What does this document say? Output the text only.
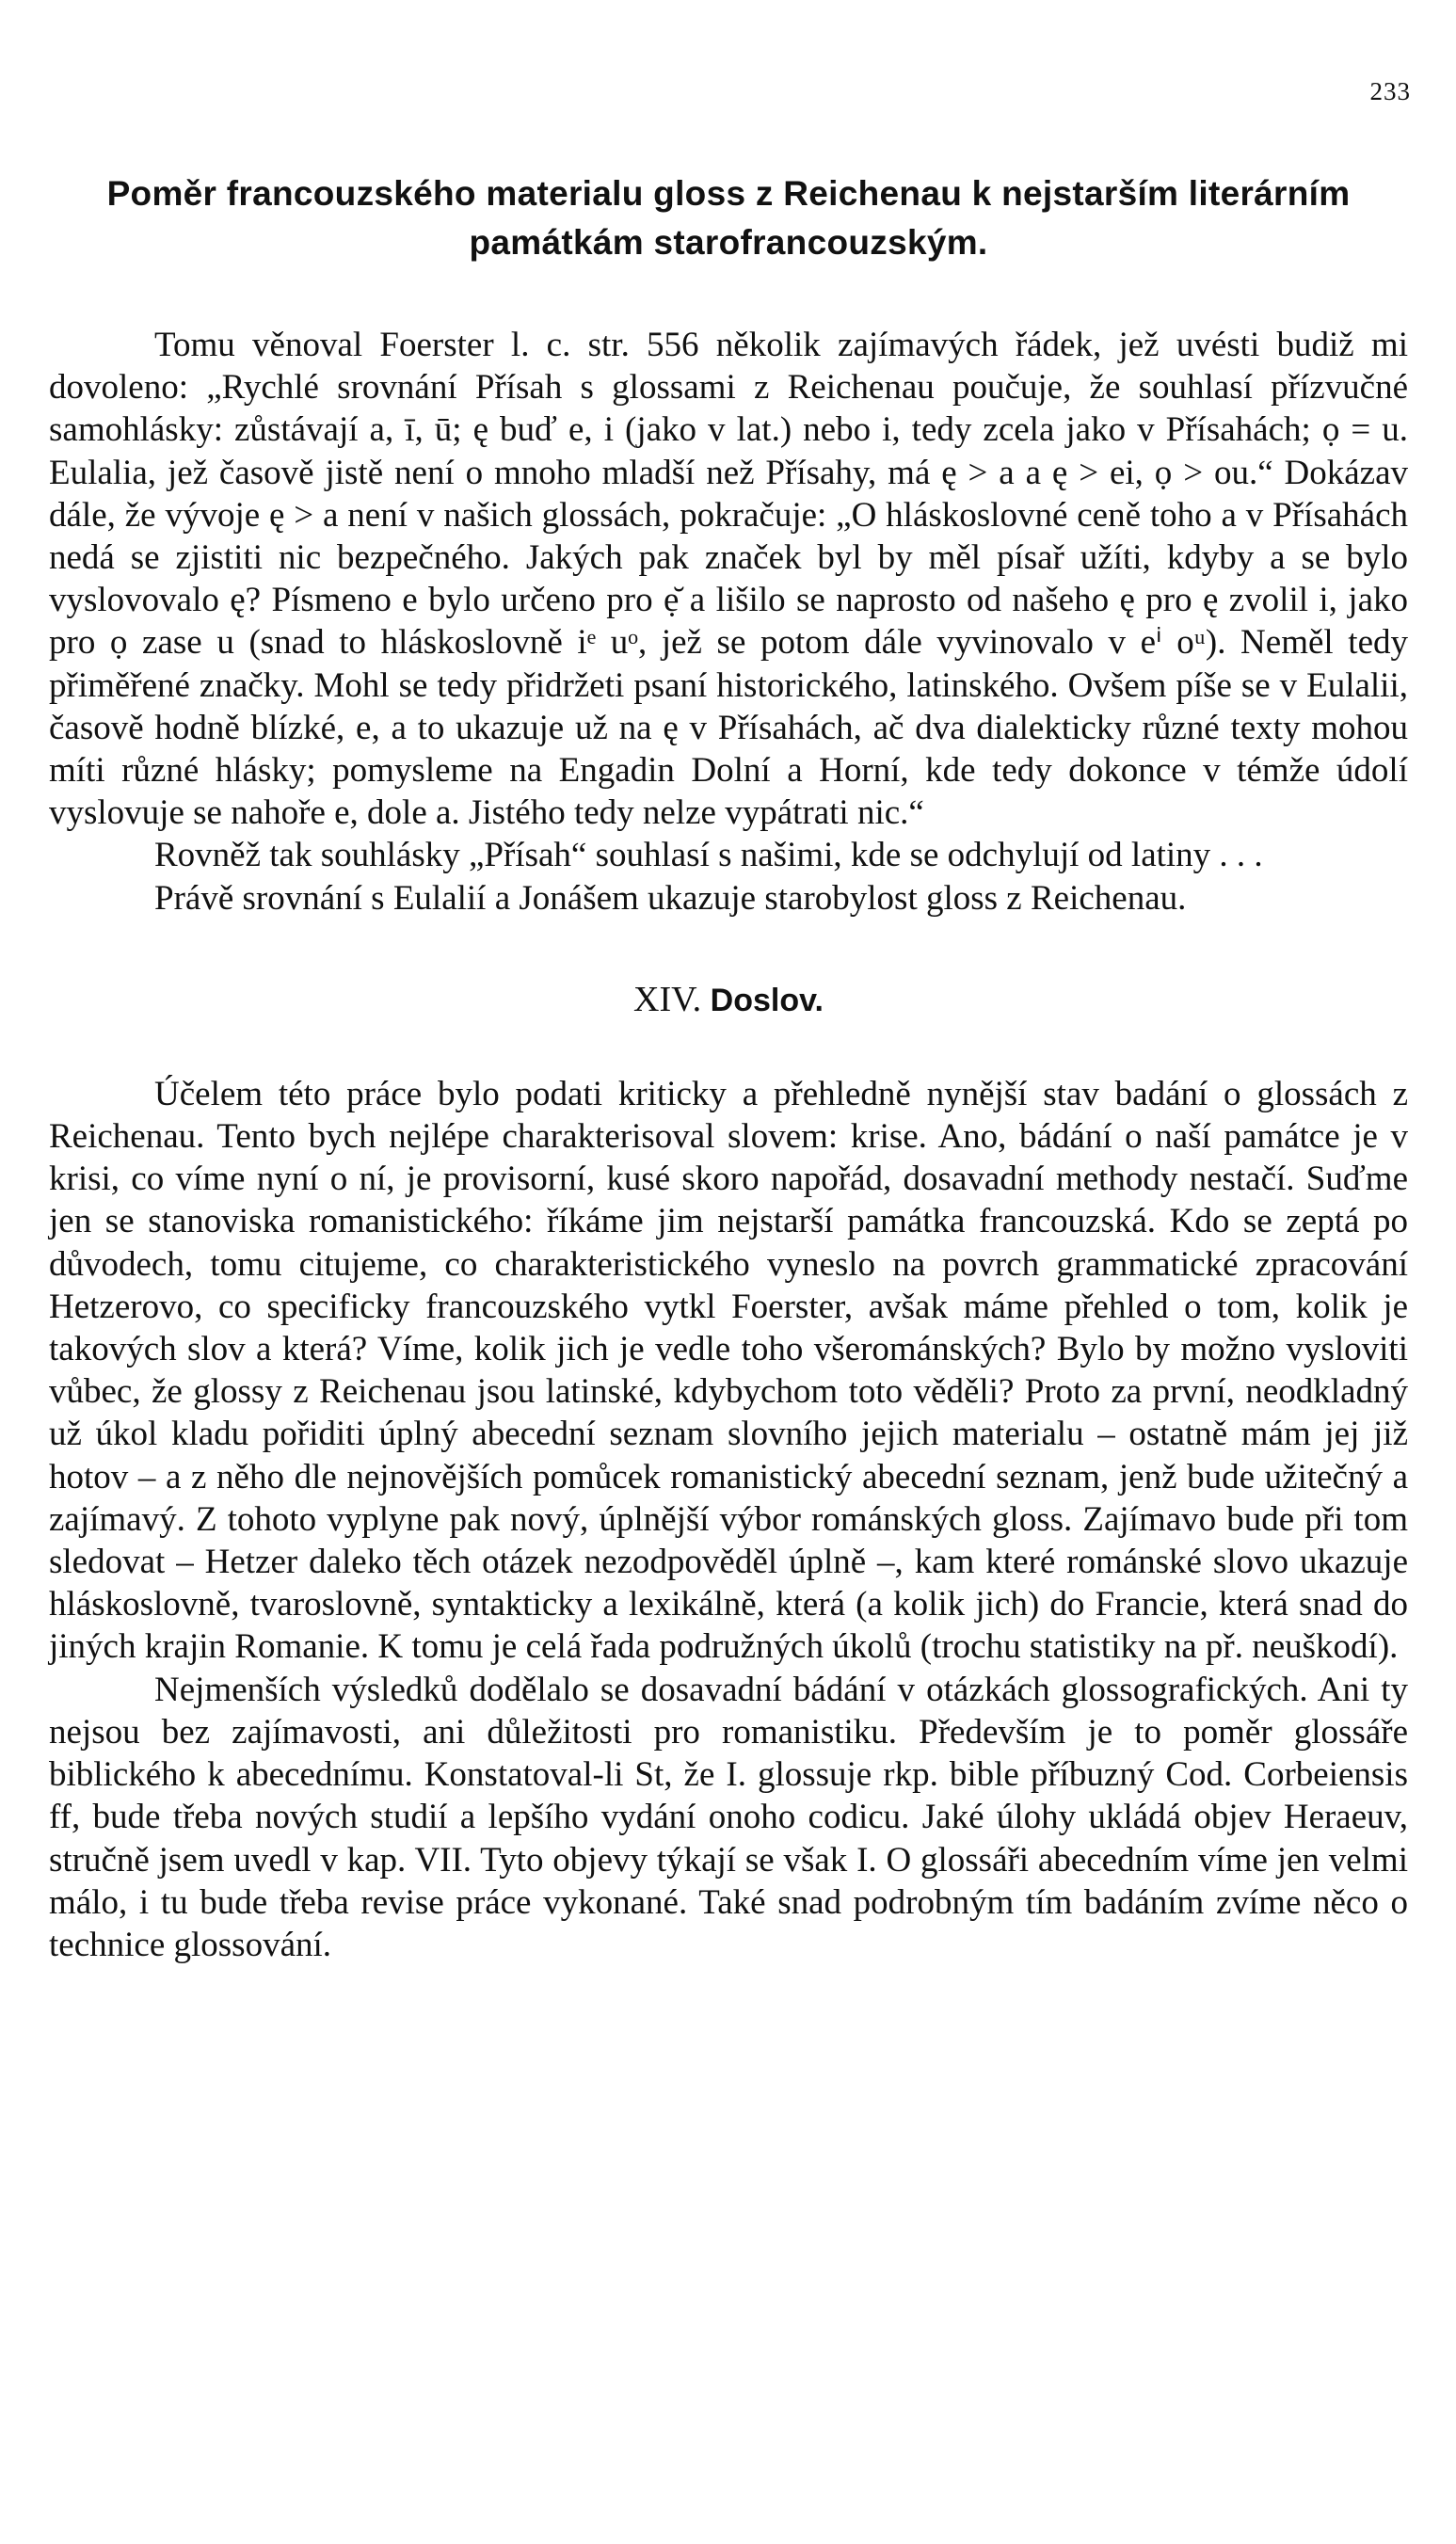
233
Poměr francouzského materialu gloss z Reichenau k nejstarším literárním památkám starofrancouzským.

Tomu věnoval Foerster l. c. str. 556 několik zajímavých řádek, jež uvésti budiž mi dovoleno: „Rychlé srovnání Přísah s glossami z Reichenau poučuje, že souhlasí přízvučné samohlásky: zůstávají a, ī, ū; ę buď e, i (jako v lat.) nebo i, tedy zcela jako v Přísahách; ọ = u. Eulalia, jež časově jistě není o mnoho mladší než Přísahy, má ę > a a ę > ei, ọ > ou.“ Dokázav dále, že vývoje ę > a není v našich glossách, pokračuje: „O hláskoslovné ceně toho a v Přísahách nedá se zjistiti nic bezpečného. Jakých pak značek byl by měl písař užíti, kdyby a se bylo vyslovovalo ę? Písmeno e bylo určeno pro ẹ̆ a lišilo se naprosto od našeho ę pro ę zvolil i, jako pro ọ zase u (snad to hláskoslovně iᵉ uᵒ, jež se potom dále vyvinovalo v eⁱ oᵘ). Neměl tedy přiměřené značky. Mohl se tedy přidržeti psaní historického, latinského. Ovšem píše se v Eulalii, časově hodně blízké, e, a to ukazuje už na ę v Přísahách, ač dva dialekticky různé texty mohou míti různé hlásky; pomysleme na Engadin Dolní a Horní, kde tedy dokonce v témže údolí vyslovuje se nahoře e, dole a. Jistého tedy nelze vypátrati nic.“

Rovněž tak souhlásky „Přísah“ souhlasí s našimi, kde se odchylují od latiny . . .

Právě srovnání s Eulalií a Jonášem ukazuje starobylost gloss z Reichenau.

XIV. Doslov.

Účelem této práce bylo podati kriticky a přehledně nynější stav badání o glossách z Reichenau. Tento bych nejlépe charakterisoval slovem: krise. Ano, bádání o naší památce je v krisi, co víme nyní o ní, je provisorní, kusé skoro napořád, dosavadní methody nestačí. Suďme jen se stanoviska romanistického: říkáme jim nejstarší památka francouzská. Kdo se zeptá po důvodech, tomu citujeme, co charakteristického vyneslo na povrch grammatické zpracování Hetzerovo, co specificky francouzského vytkl Foerster, avšak máme přehled o tom, kolik je takových slov a která? Víme, kolik jich je vedle toho všerománských? Bylo by možno vysloviti vůbec, že glossy z Reichenau jsou latinské, kdybychom toto věděli? Proto za první, neodkladný už úkol kladu pořiditi úplný abecední seznam slovního jejich materialu – ostatně mám jej již hotov – a z něho dle nejnovějších pomůcek romanistický abecední seznam, jenž bude užitečný a zajímavý. Z tohoto vyplyne pak nový, úplnější výbor románských gloss. Zajímavo bude při tom sledovat – Hetzer daleko těch otázek nezodpověděl úplně –, kam které románské slovo ukazuje hláskoslovně, tvaroslovně, syntakticky a lexikálně, která (a kolik jich) do Francie, která snad do jiných krajin Romanie. K tomu je celá řada podružných úkolů (trochu statistiky na př. neuškodí).

Nejmenších výsledků dodělalo se dosavadní bádání v otázkách glossografických. Ani ty nejsou bez zajímavosti, ani důležitosti pro romanistiku. Především je to poměr glossáře biblického k abecednímu. Konstatoval-li St, že I. glossuje rkp. bible příbuzný Cod. Corbeiensis ff, bude třeba nových studií a lepšího vydání onoho codicu. Jaké úlohy ukládá objev Heraeuv, stručně jsem uvedl v kap. VII. Tyto objevy týkají se však I. O glossáři abecedním víme jen velmi málo, i tu bude třeba revise práce vykonané. Také snad podrobným tím badáním zvíme něco o technice glossování.
